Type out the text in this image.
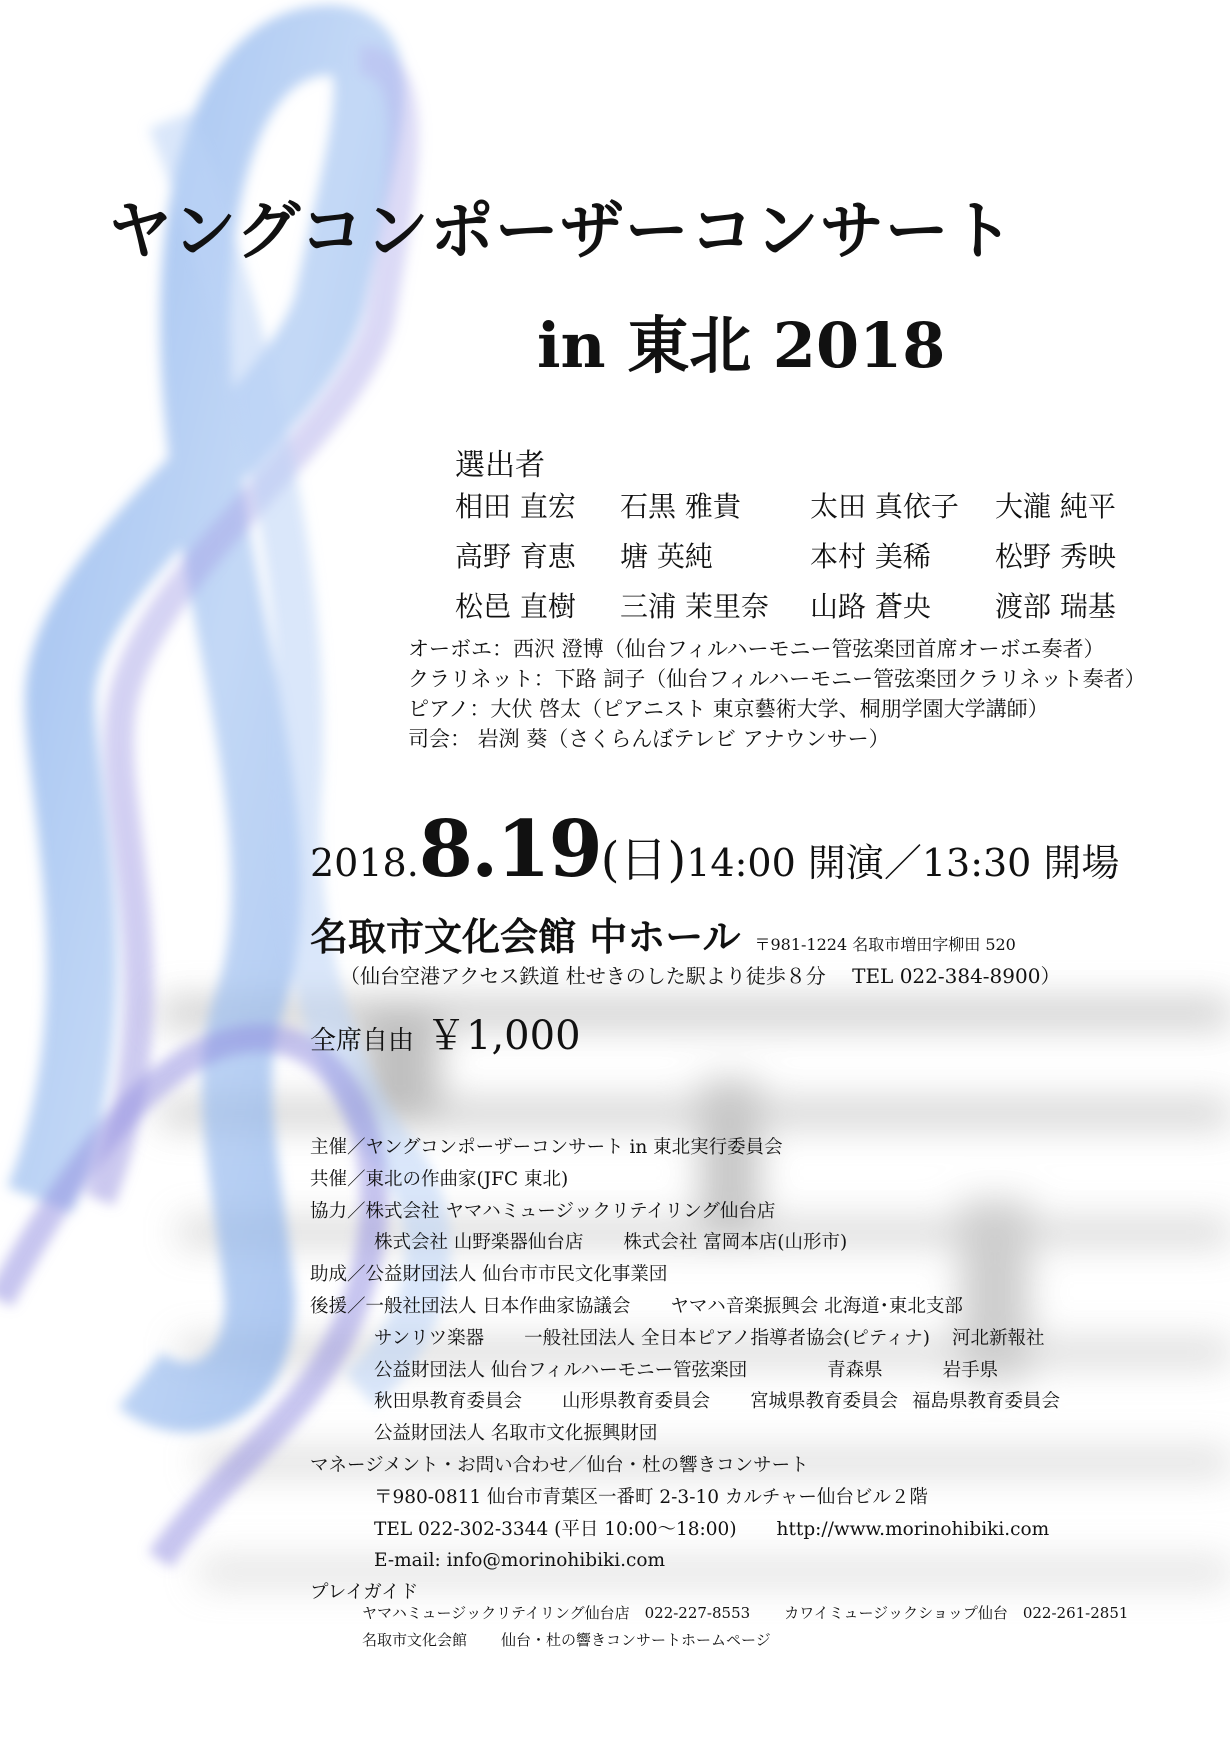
ヤングコンポーザーコンサート
in 東北 2018
選出者
相田 直宏	石黒 雅貴	太田 真依子	大瀧 純平
高野 育恵	塘 英純	本村 美稀	松野 秀映
松邑 直樹	三浦 茉里奈	山路 蒼央	渡部 瑞基
オーボエ：西沢 澄博（仙台フィルハーモニー管弦楽団首席オーボエ奏者）
クラリネット：下路 詞子（仙台フィルハーモニー管弦楽団クラリネット奏者）
ピアノ：大伏 啓太（ピアニスト 東京藝術大学、桐朋学園大学講師）
司会： 岩渕 葵（さくらんぼテレビ アナウンサー）
2018.8.19(日)14:00 開演／13:30 開場
名取市文化会館 中ホール 〒981-1224 名取市増田字柳田 520
（仙台空港アクセス鉄道 杜せきのした駅より徒歩８分　 TEL 022-384-8900）
全席自由 ￥1,000
主催／ヤングコンポーザーコンサート in 東北実行委員会
共催／東北の作曲家(JFC 東北)
協力／株式会社 ヤマハミュージックリテイリング仙台店
株式会社 山野楽器仙台店 株式会社 富岡本店(山形市)
助成／公益財団法人 仙台市市民文化事業団
後援／一般社団法人 日本作曲家協議会 ヤマハ音楽振興会 北海道･東北支部
サンリツ楽器 一般社団法人 全日本ピアノ指導者協会(ピティナ) 河北新報社
公益財団法人 仙台フィルハーモニー管弦楽団	青森県	岩手県
秋田県教育委員会 山形県教育委員会 宮城県教育委員会 福島県教育委員会
公益財団法人 名取市文化振興財団
マネージメント・お問い合わせ／仙台・杜の響きコンサート
〒980-0811 仙台市青葉区一番町 2-3-10 カルチャー仙台ビル２階
TEL 022-302-3344 (平日 10:00～18:00) http://www.morinohibiki.com
E-mail: info@morinohibiki.com
プレイガイド
ヤマハミュージックリテイリング仙台店　022-227-8553 カワイミュージックショップ仙台　022-261-2851
名取市文化会館 仙台・杜の響きコンサートホームページ
